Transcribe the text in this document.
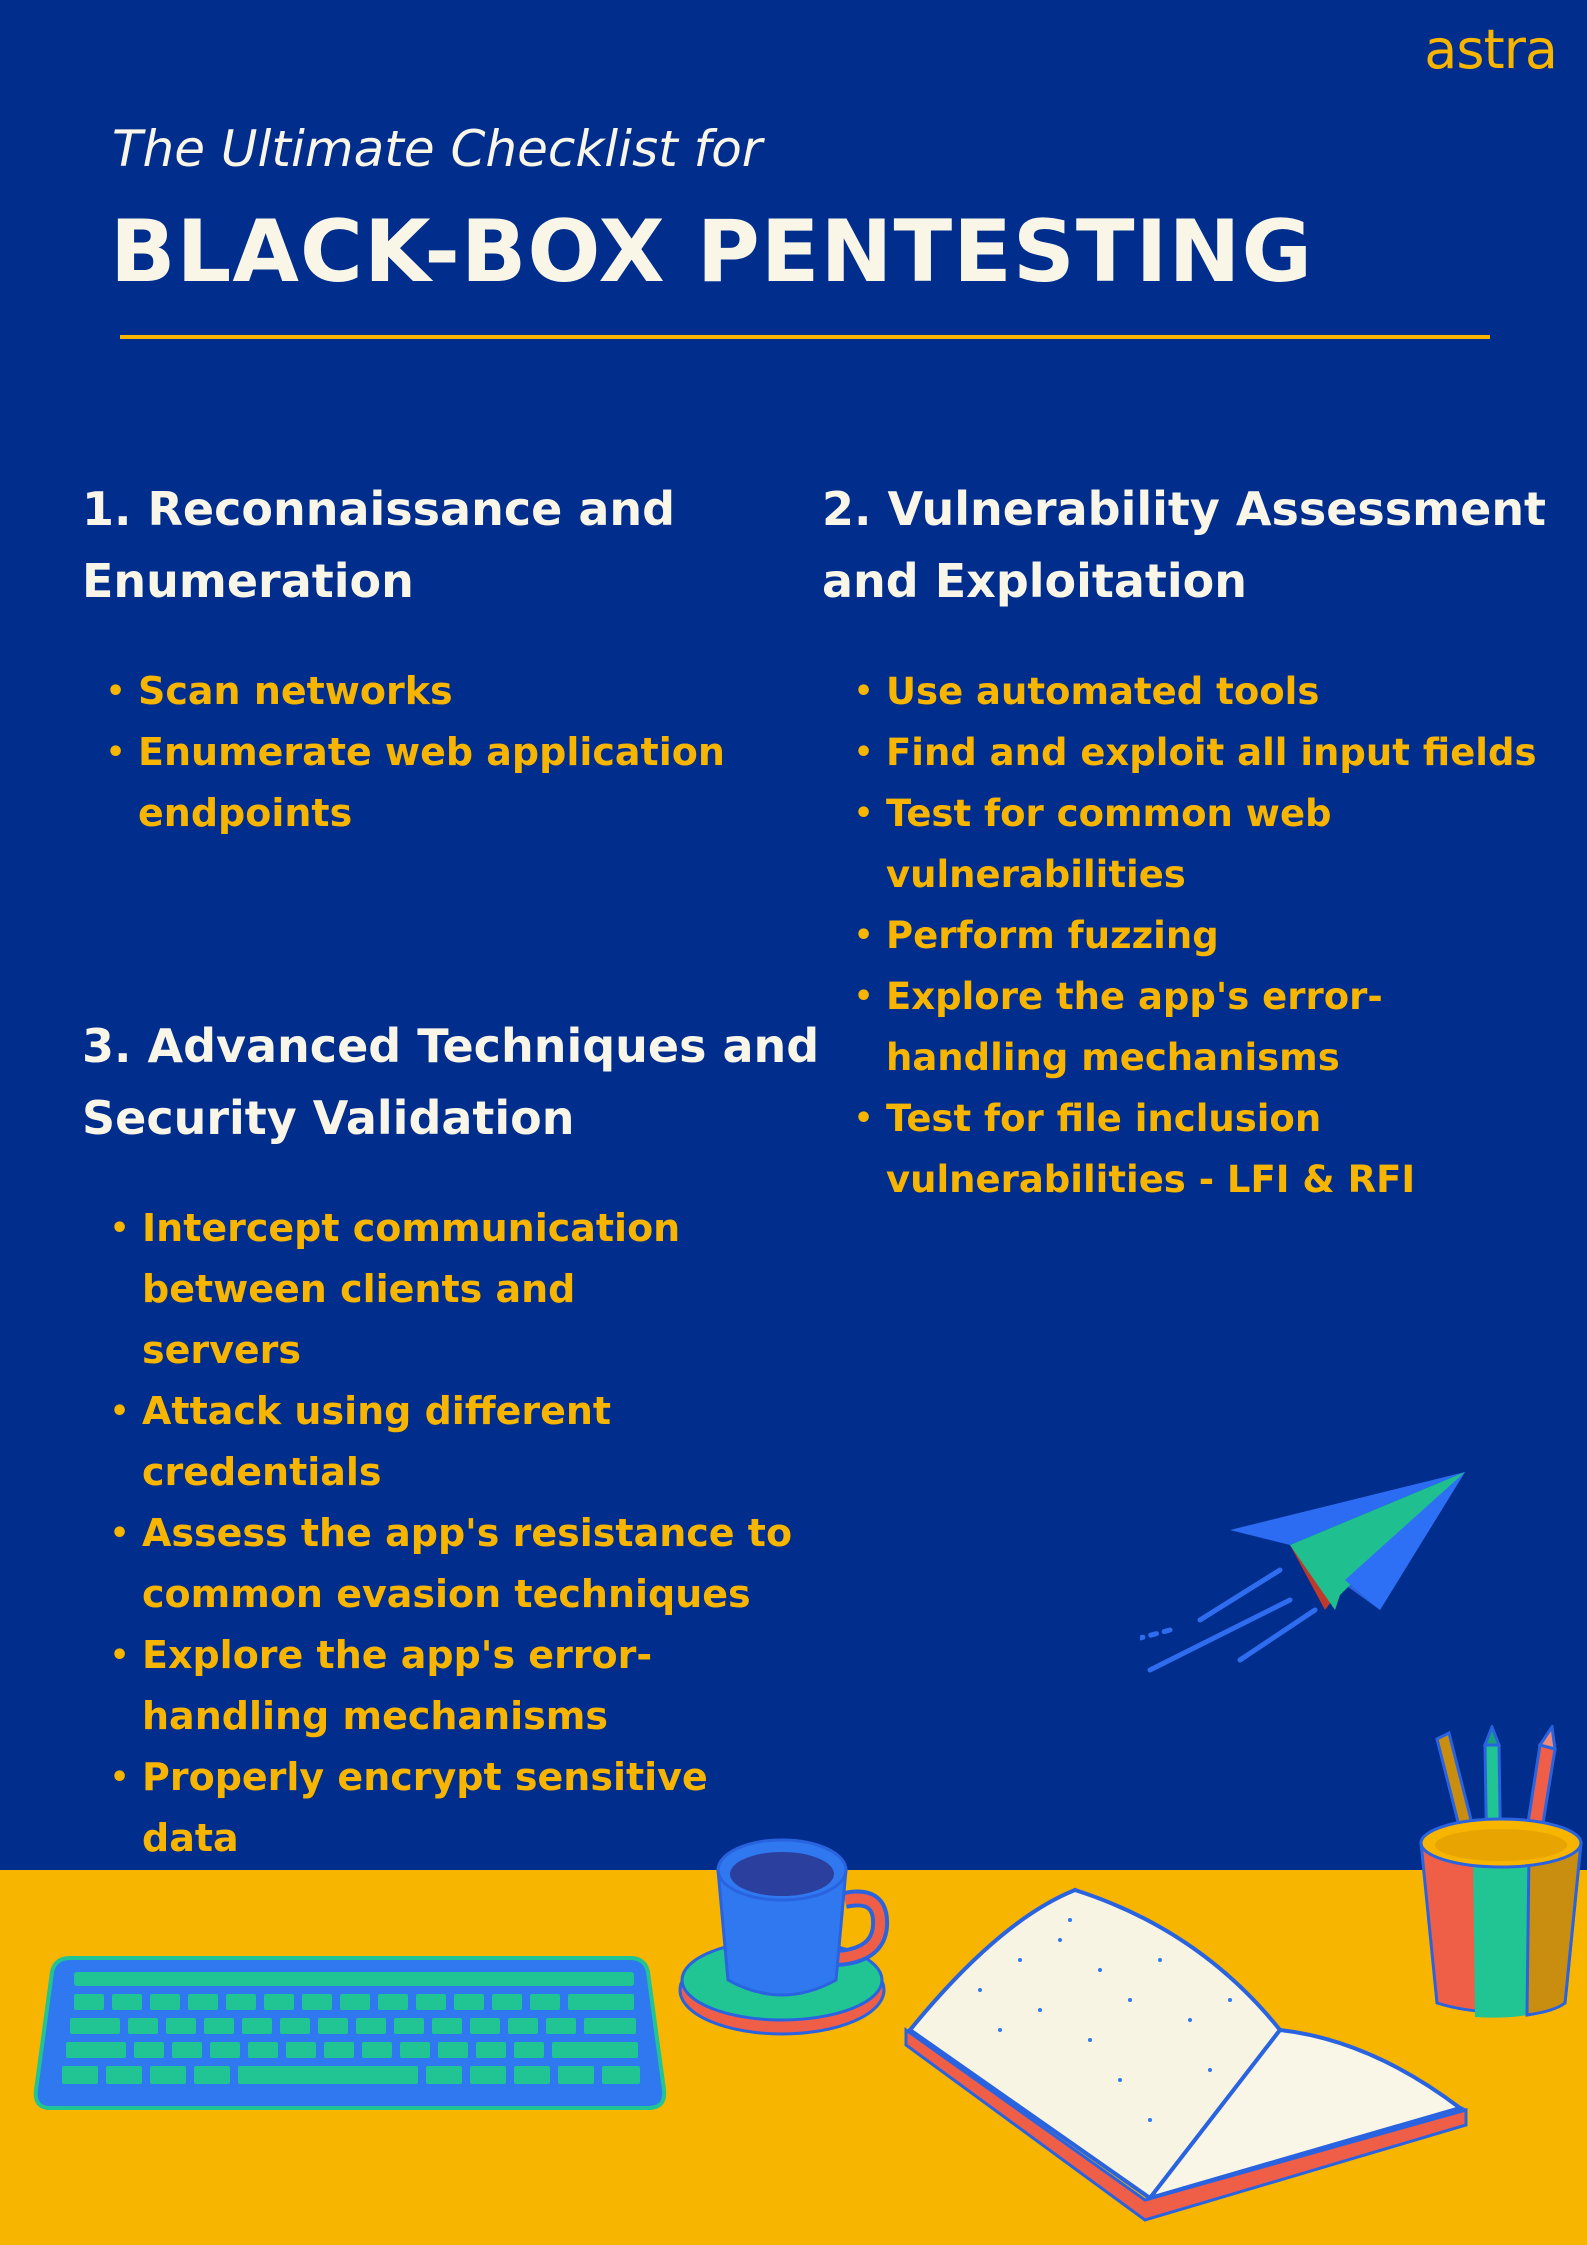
astra
The Ultimate Checklist for
BLACK-BOX PENTESTING
1. Reconnaissance and
Enumeration
• Scan networks
• Enumerate web application endpoints
2. Vulnerability Assessment
and Exploitation
• Use automated tools
• Find and exploit all input fields
• Test for common web vulnerabilities
• Perform fuzzing
• Explore the app's error-handling mechanisms
• Test for file inclusion vulnerabilities - LFI & RFI
3. Advanced Techniques and
Security Validation
• Intercept communication between clients and servers
• Attack using different credentials
• Assess the app's resistance to common evasion techniques
• Explore the app's error-handling mechanisms
• Properly encrypt sensitive data
